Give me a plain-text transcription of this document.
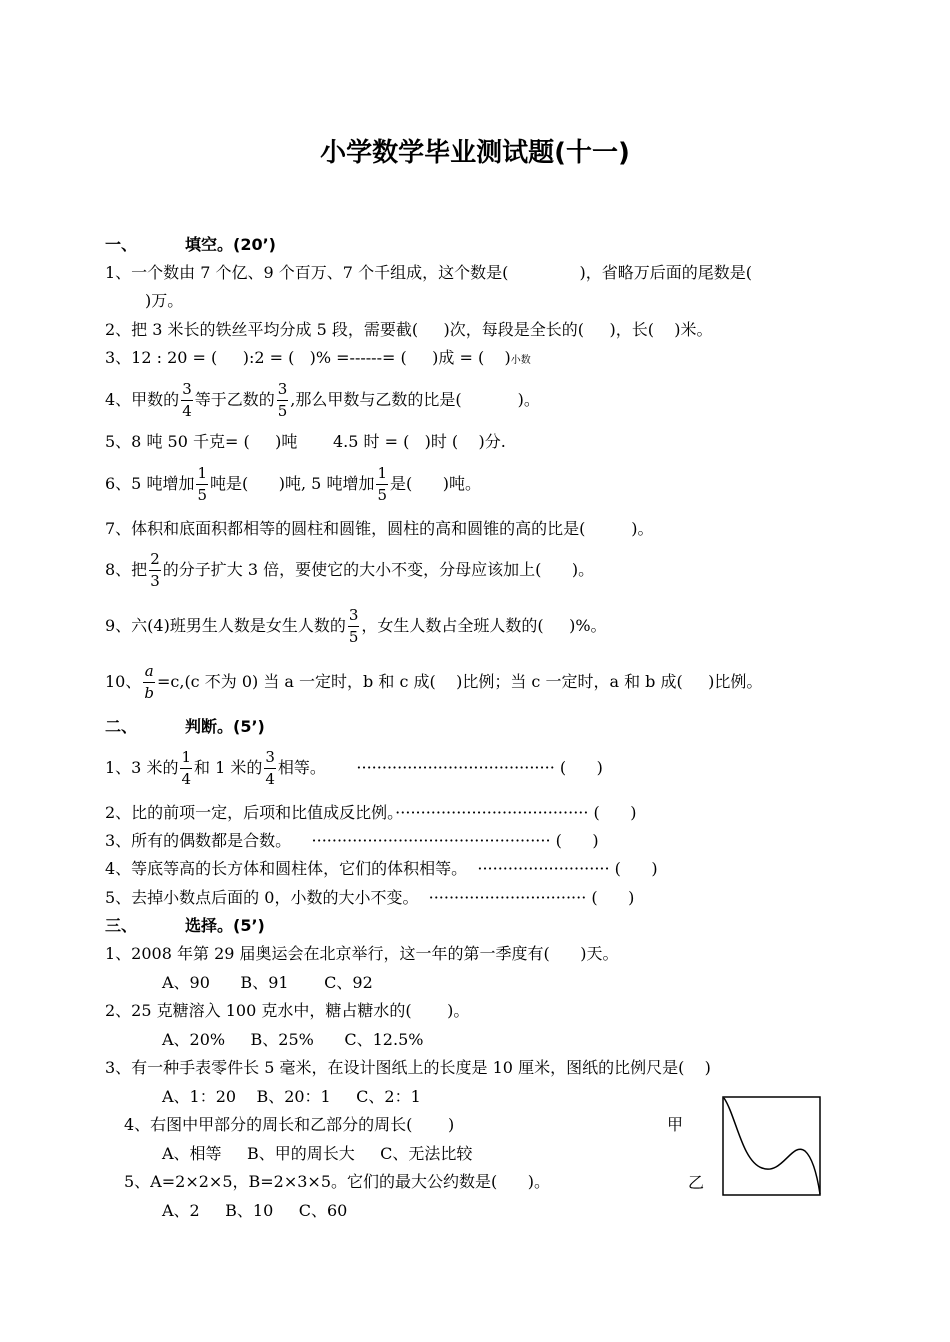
小学数学毕业测试题(十一)
一、	填空。(20’)
1、一个数由 7 个亿、9 个百万、7 个千组成，这个数是(              )，省略万后面的尾数是(
)万。
2、把 3 米长的铁丝平均分成 5 段，需要截(     )次，每段是全长的(     )，长(    )米。
3、12 : 20 = (     ):2 = (   )% =------= (     )成 = (    )小数
4、甲数的 $\frac{3}{4}$ 等于乙数的 $\frac{3}{5}$ ,那么甲数与乙数的比是(           )。
5、8 吨 50 千克= (     )吨       4.5 时 = (   )时 (    )分.
6、5 吨增加 $\frac{1}{5}$ 吨是(      )吨, 5 吨增加 $\frac{1}{5}$ 是(      )吨。
7、体积和底面积都相等的圆柱和圆锥，圆柱的高和圆锥的高的比是(         )。
8、把 $\frac{2}{3}$ 的分子扩大 3 倍，要使它的大小不变，分母应该加上(      )。
9、六(4)班男生人数是女生人数的 $\frac{3}{5}$ ，女生人数占全班人数的(     )%。
10、 $\frac{a}{b} =c,(c$ 不为 0) 当 a 一定时，b 和 c 成(    )比例；当 c 一定时，a 和 b 成(     )比例。
二、	判断。(5’)
1、3 米的 $\frac{1}{4}$ 和 1 米的 $\frac{3}{4}$ 相等。      ······································· (      )
2、比的前项一定，后项和比值成反比例。······································ (      )
3、所有的偶数都是合数。    ··············································· (      )
4、等底等高的长方体和圆柱体，它们的体积相等。  ·························· (      )
5、去掉小数点后面的 0，小数的大小不变。  ······························· (      )
三、	选择。(5’)
1、2008 年第 29 届奥运会在北京举行，这一年的第一季度有(      )天。
A、90      B、91       C、92
2、25 克糖溶入 100 克水中，糖占糖水的(       )。
A、20%     B、25%      C、12.5%
3、有一种手表零件长 5 毫米，在设计图纸上的长度是 10 厘米，图纸的比例尺是(    )
A、1：20    B、20：1     C、2：1
4、右图中甲部分的周长和乙部分的周长(       )
A、相等     B、甲的周长大     C、无法比较
5、A=2×2×5，B=2×3×5。它们的最大公约数是(      )。
A、2     B、10     C、60
甲
乙
